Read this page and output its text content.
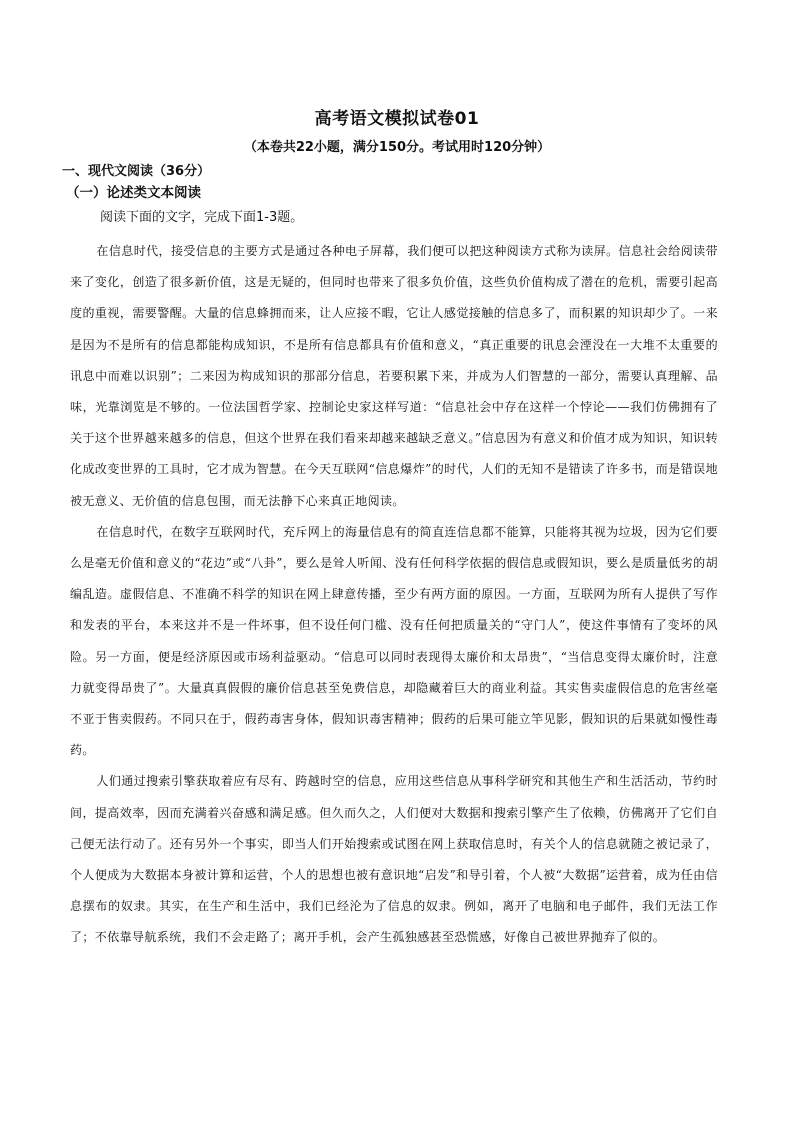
高考语文模拟试卷01
（本卷共22小题，满分150分。考试用时120分钟）
一、现代文阅读（36分）
（一）论述类文本阅读
阅读下面的文字，完成下面1-3题。

在信息时代，接受信息的主要方式是通过各种电子屏幕，我们便可以把这种阅读方式称为读屏。信息社会给阅读带来了变化，创造了很多新价值，这是无疑的，但同时也带来了很多负价值，这些负价值构成了潜在的危机，需要引起高度的重视，需要警醒。大量的信息蜂拥而来，让人应接不暇，它让人感觉接触的信息多了，而积累的知识却少了。一来是因为不是所有的信息都能构成知识，不是所有信息都具有价值和意义，“真正重要的讯息会湮没在一大堆不太重要的讯息中而难以识别”；二来因为构成知识的那部分信息，若要积累下来，并成为人们智慧的一部分，需要认真理解、品味，光靠浏览是不够的。一位法国哲学家、控制论史家这样写道：“信息社会中存在这样一个悖论——我们仿佛拥有了关于这个世界越来越多的信息，但这个世界在我们看来却越来越缺乏意义。”信息因为有意义和价值才成为知识，知识转化成改变世界的工具时，它才成为智慧。在今天互联网“信息爆炸”的时代，人们的无知不是错读了许多书，而是错误地被无意义、无价值的信息包围，而无法静下心来真正地阅读。

在信息时代，在数字互联网时代，充斥网上的海量信息有的简直连信息都不能算，只能将其视为垃圾，因为它们要么是毫无价值和意义的“花边”或“八卦”，要么是耸人听闻、没有任何科学依据的假信息或假知识，要么是质量低劣的胡编乱造。虚假信息、不准确不科学的知识在网上肆意传播，至少有两方面的原因。一方面，互联网为所有人提供了写作和发表的平台，本来这并不是一件坏事，但不设任何门槛、没有任何把质量关的“守门人”，使这件事情有了变坏的风险。另一方面，便是经济原因或市场利益驱动。“信息可以同时表现得太廉价和太昂贵”，“当信息变得太廉价时，注意力就变得昂贵了”。大量真真假假的廉价信息甚至免费信息，却隐藏着巨大的商业利益。其实售卖虚假信息的危害丝毫不亚于售卖假药。不同只在于，假药毒害身体，假知识毒害精神；假药的后果可能立竿见影，假知识的后果就如慢性毒药。

人们通过搜索引擎获取着应有尽有、跨越时空的信息，应用这些信息从事科学研究和其他生产和生活活动，节约时间，提高效率，因而充满着兴奋感和满足感。但久而久之，人们便对大数据和搜索引擎产生了依赖，仿佛离开了它们自己便无法行动了。还有另外一个事实，即当人们开始搜索或试图在网上获取信息时，有关个人的信息就随之被记录了，个人便成为大数据本身被计算和运营，个人的思想也被有意识地“启发”和导引着，个人被“大数据”运营着，成为任由信息摆布的奴隶。其实，在生产和生活中，我们已经沦为了信息的奴隶。例如，离开了电脑和电子邮件，我们无法工作了；不依靠导航系统，我们不会走路了；离开手机，会产生孤独感甚至恐慌感，好像自己被世界抛弃了似的。
